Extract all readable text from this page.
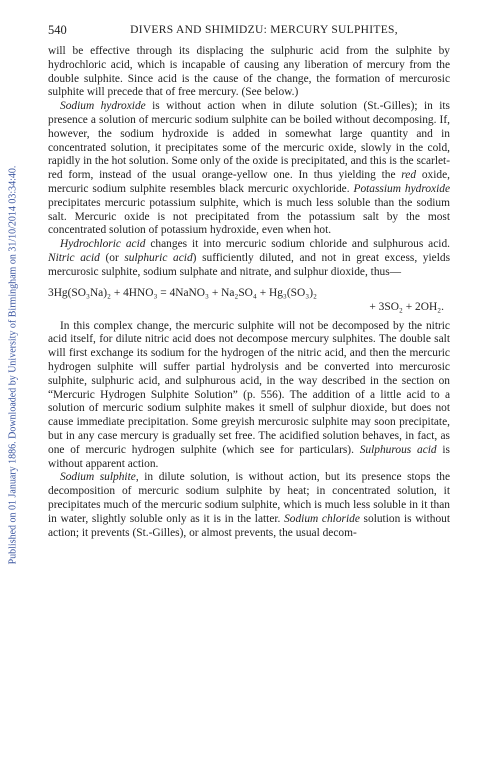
Published on 01 January 1886. Downloaded by University of Birmingham on 31/10/2014 03:34:40.
540	DIVERS AND SHIMIDZU: MERCURY SULPHITES,

will be effective through its displacing the sulphuric acid from the sulphite by hydrochloric acid, which is incapable of causing any liberation of mercury from the double sulphite. Since acid is the cause of the change, the formation of mercurosic sulphite will precede that of free mercury. (See below.)

Sodium hydroxide is without action when in dilute solution (St.-Gilles); in its presence a solution of mercuric sodium sulphite can be boiled without decomposing. If, however, the sodium hydroxide is added in somewhat large quantity and in concentrated solution, it precipitates some of the mercuric oxide, slowly in the cold, rapidly in the hot solution. Some only of the oxide is precipitated, and this is the scarlet-red form, instead of the usual orange-yellow one. In thus yielding the red oxide, mercuric sodium sulphite resembles black mercuric oxychloride. Potassium hydroxide precipitates mercuric potassium sulphite, which is much less soluble than the sodium salt. Mercuric oxide is not precipitated from the potassium salt by the most concentrated solution of potassium hydroxide, even when hot.

Hydrochloric acid changes it into mercuric sodium chloride and sulphurous acid. Nitric acid (or sulphuric acid) sufficiently diluted, and not in great excess, yields mercurosic sulphite, sodium sulphate and nitrate, and sulphur dioxide, thus—

3Hg(SO₃Na)₂ + 4HNO₃ = 4NaNO₃ + Na₂SO₄ + Hg₃(SO₃)₂
+ 3SO₂ + 2OH₂.

In this complex change, the mercuric sulphite will not be decomposed by the nitric acid itself, for dilute nitric acid does not decompose mercury sulphites. The double salt will first exchange its sodium for the hydrogen of the nitric acid, and then the mercuric hydrogen sulphite will suffer partial hydrolysis and be converted into mercurosic sulphite, sulphuric acid, and sulphurous acid, in the way described in the section on “Mercuric Hydrogen Sulphite Solution” (p. 556). The addition of a little acid to a solution of mercuric sodium sulphite makes it smell of sulphur dioxide, but does not cause immediate precipitation. Some greyish mercurosic sulphite may soon precipitate, but in any case mercury is gradually set free. The acidified solution behaves, in fact, as one of mercuric hydrogen sulphite (which see for particulars). Sulphurous acid is without apparent action.

Sodium sulphite, in dilute solution, is without action, but its presence stops the decomposition of mercuric sodium sulphite by heat; in concentrated solution, it precipitates much of the mercuric sodium sulphite, which is much less soluble in it than in water, slightly soluble only as it is in the latter. Sodium chloride solution is without action; it prevents (St.-Gilles), or almost prevents, the usual decom-
